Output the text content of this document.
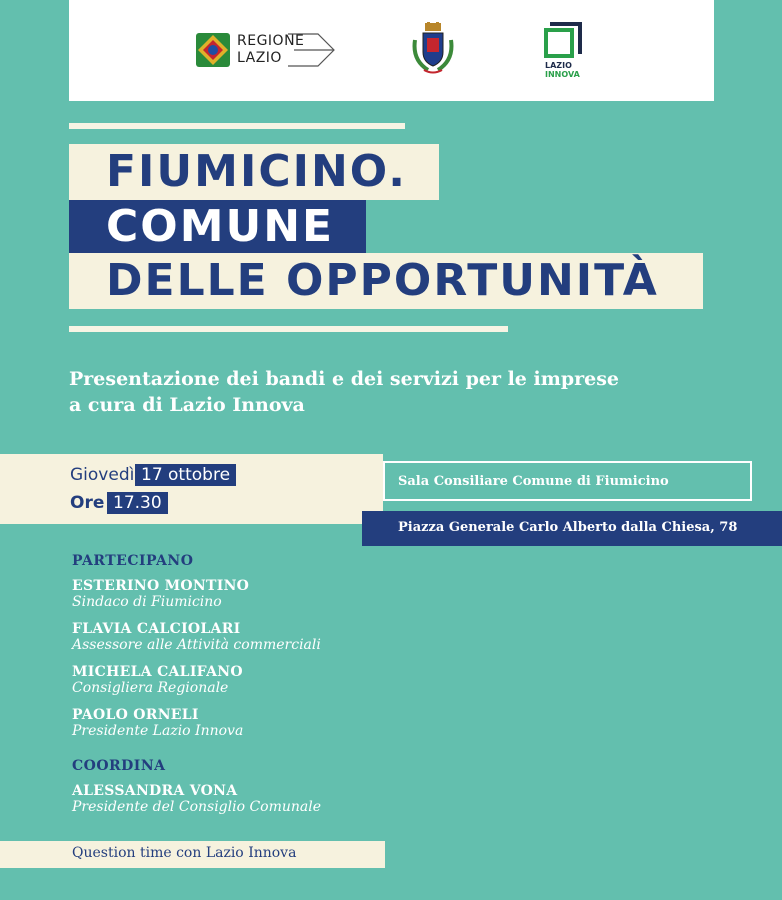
REGIONE
LAZIO	LAZIO
INNOVA
FIUMICINO.
COMUNE
DELLE OPPORTUNITÀ
Presentazione dei bandi e dei servizi per le imprese
a cura di Lazio Innova
Giovedì 17 ottobre
Ore 17.30
Sala Consiliare Comune di Fiumicino
Piazza Generale Carlo Alberto dalla Chiesa, 78
PARTECIPANO
ESTERINO MONTINO
Sindaco di Fiumicino
FLAVIA CALCIOLARI
Assessore alle Attività commerciali
MICHELA CALIFANO
Consigliera Regionale
PAOLO ORNELI
Presidente Lazio Innova
COORDINA
ALESSANDRA VONA
Presidente del Consiglio Comunale
Question time con Lazio Innova
